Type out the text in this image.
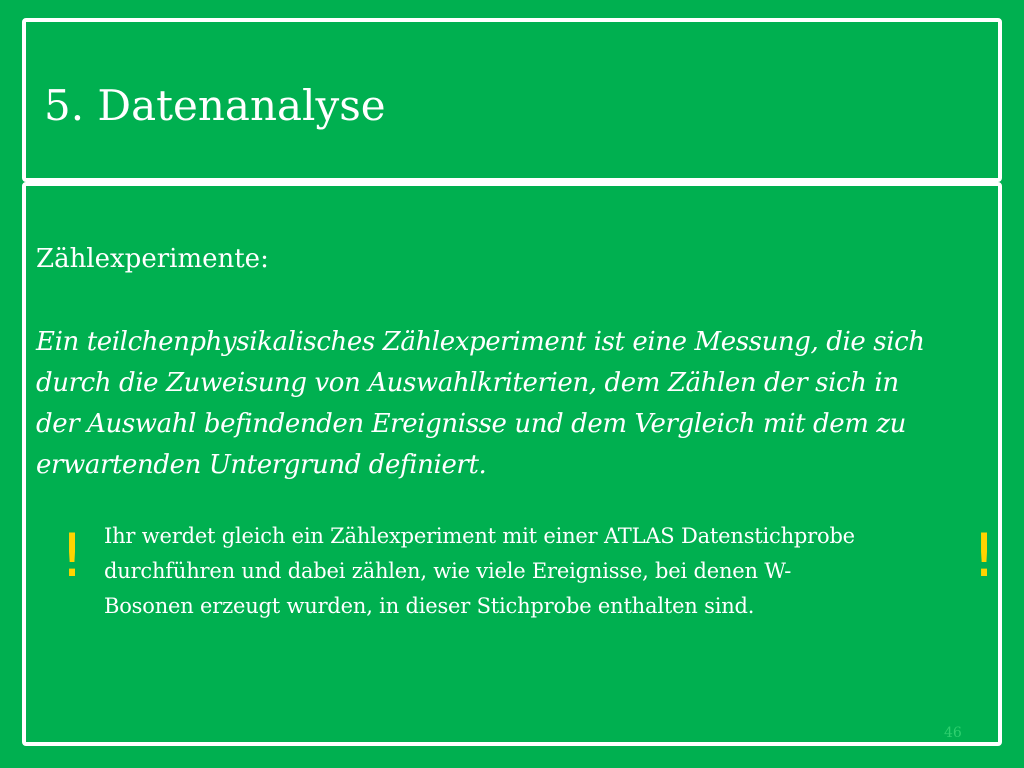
5. Datenanalyse

Zählexperimente:

Ein teilchenphysikalisches Zählexperiment ist eine Messung, die sich
durch die Zuweisung von Auswahlkriterien, dem Zählen der sich in
der Auswahl befindenden Ereignisse und dem Vergleich mit dem zu
erwartenden Untergrund definiert.

! Ihr werdet gleich ein Zählexperiment mit einer ATLAS Datenstichprobe
durchführen und dabei zählen, wie viele Ereignisse, bei denen W-
Bosonen erzeugt wurden, in dieser Stichprobe enthalten sind.

!
46
